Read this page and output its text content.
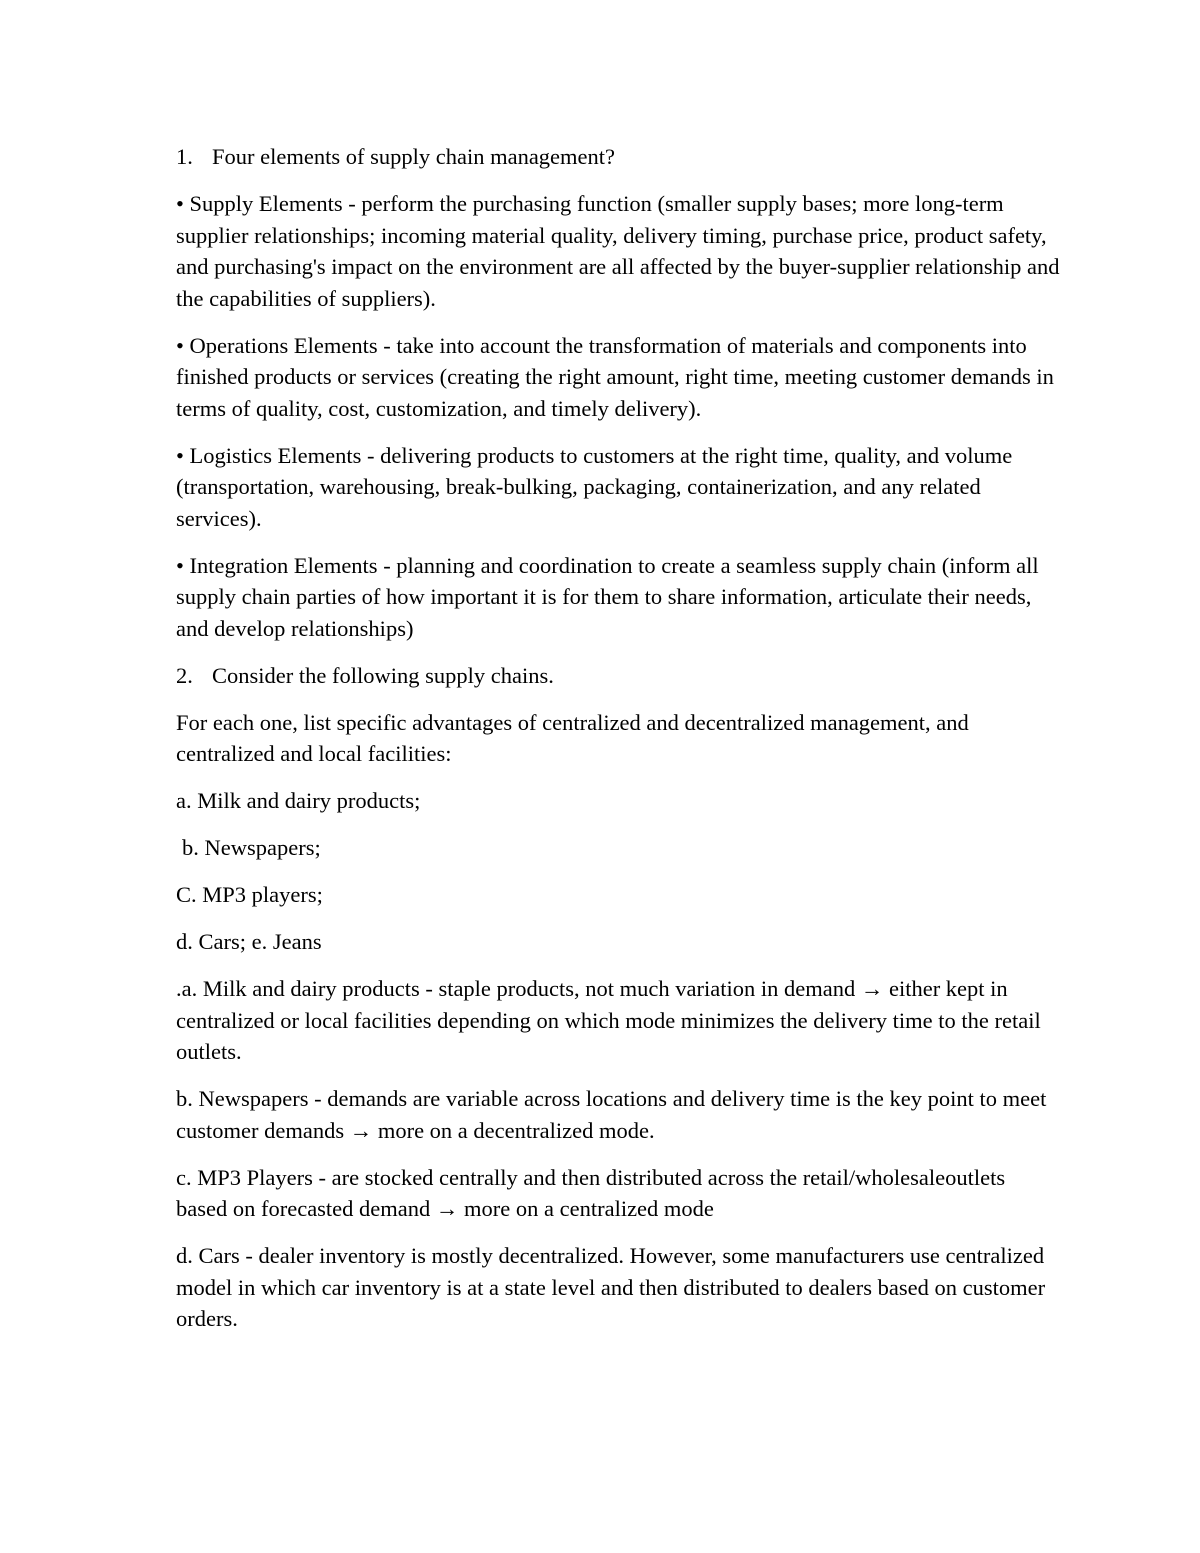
1. Four elements of supply chain management?

• Supply Elements - perform the purchasing function (smaller supply bases; more long-term supplier relationships; incoming material quality, delivery timing, purchase price, product safety, and purchasing's impact on the environment are all affected by the buyer-supplier relationship and the capabilities of suppliers).

• Operations Elements - take into account the transformation of materials and components into finished products or services (creating the right amount, right time, meeting customer demands in terms of quality, cost, customization, and timely delivery).

• Logistics Elements - delivering products to customers at the right time, quality, and volume (transportation, warehousing, break-bulking, packaging, containerization, and any related services).

• Integration Elements - planning and coordination to create a seamless supply chain (inform all supply chain parties of how important it is for them to share information, articulate their needs, and develop relationships)

2. Consider the following supply chains.

For each one, list specific advantages of centralized and decentralized management, and centralized and local facilities:

a. Milk and dairy products;

b. Newspapers;

C. MP3 players;

d. Cars; e. Jeans

.a. Milk and dairy products - staple products, not much variation in demand → either kept in centralized or local facilities depending on which mode minimizes the delivery time to the retail outlets.

b. Newspapers - demands are variable across locations and delivery time is the key point to meet customer demands → more on a decentralized mode.

c. MP3 Players - are stocked centrally and then distributed across the retail/wholesaleoutlets based on forecasted demand → more on a centralized mode

d. Cars - dealer inventory is mostly decentralized. However, some manufacturers use centralized model in which car inventory is at a state level and then distributed to dealers based on customer orders.
